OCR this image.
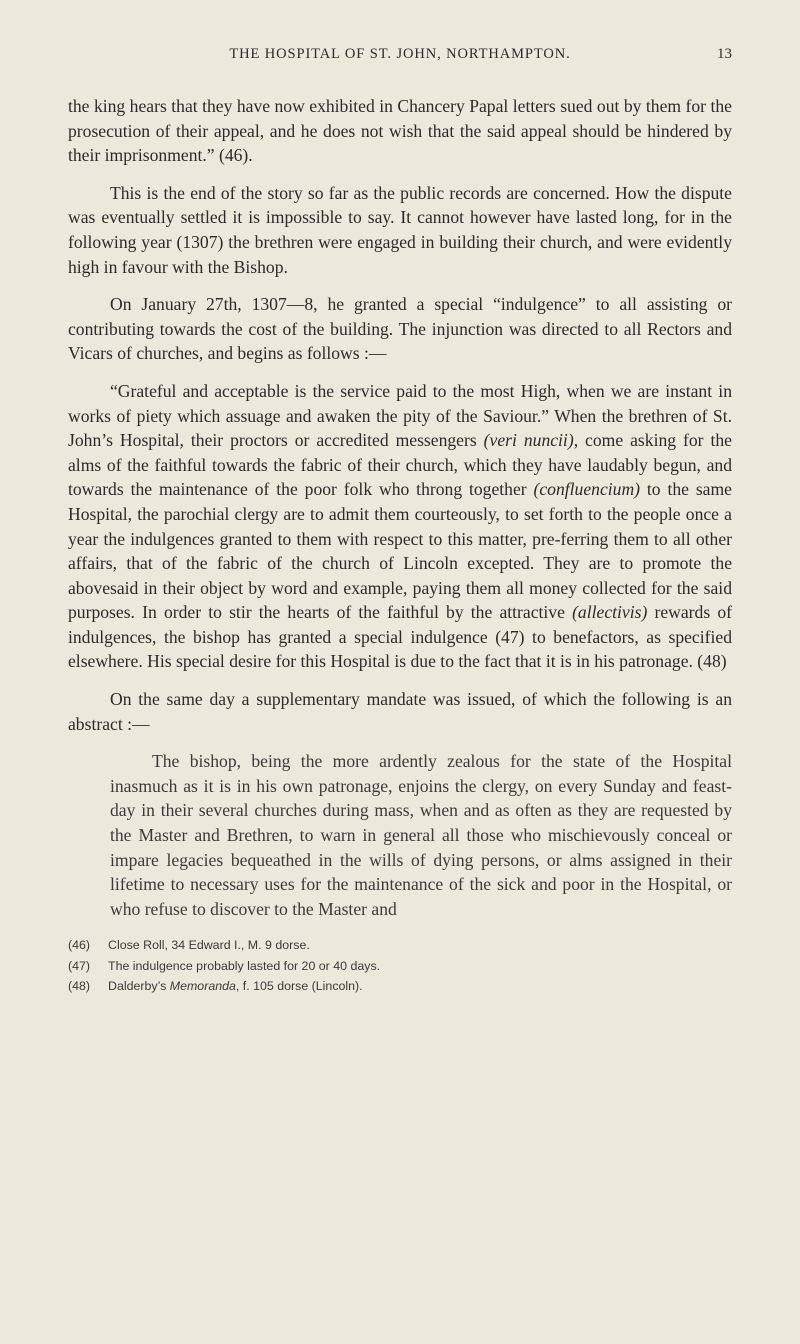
THE HOSPITAL OF ST. JOHN, NORTHAMPTON.	13

the king hears that they have now exhibited in Chancery Papal letters sued out by them for the prosecution of their appeal, and he does not wish that the said appeal should be hindered by their imprisonment.” (46).

This is the end of the story so far as the public records are concerned. How the dispute was eventually settled it is impossible to say. It cannot however have lasted long, for in the following year (1307) the brethren were engaged in building their church, and were evidently high in favour with the Bishop.

On January 27th, 1307—8, he granted a special “indulgence” to all assisting or contributing towards the cost of the building. The injunction was directed to all Rectors and Vicars of churches, and begins as follows :—

“Grateful and acceptable is the service paid to the most High, when we are instant in works of piety which assuage and awaken the pity of the Saviour.” When the brethren of St. John’s Hospital, their proctors or accredited messengers (veri nuncii), come asking for the alms of the faithful towards the fabric of their church, which they have laudably begun, and towards the maintenance of the poor folk who throng together (confluencium) to the same Hospital, the parochial clergy are to admit them courteously, to set forth to the people once a year the indulgences granted to them with respect to this matter, pre-ferring them to all other affairs, that of the fabric of the church of Lincoln excepted. They are to promote the abovesaid in their object by word and example, paying them all money collected for the said purposes. In order to stir the hearts of the faithful by the attractive (allectivis) rewards of indulgences, the bishop has granted a special indulgence (47) to benefactors, as specified elsewhere. His special desire for this Hospital is due to the fact that it is in his patronage. (48)

On the same day a supplementary mandate was issued, of which the following is an abstract :—

The bishop, being the more ardently zealous for the state of the Hospital inasmuch as it is in his own patronage, enjoins the clergy, on every Sunday and feast-day in their several churches during mass, when and as often as they are requested by the Master and Brethren, to warn in general all those who mischievously conceal or impare legacies bequeathed in the wills of dying persons, or alms assigned in their lifetime to necessary uses for the maintenance of the sick and poor in the Hospital, or who refuse to discover to the Master and

(46)	Close Roll, 34 Edward I., M. 9 dorse.
(47)	The indulgence probably lasted for 20 or 40 days.
(48)	Dalderby’s Memoranda, f. 105 dorse (Lincoln).
